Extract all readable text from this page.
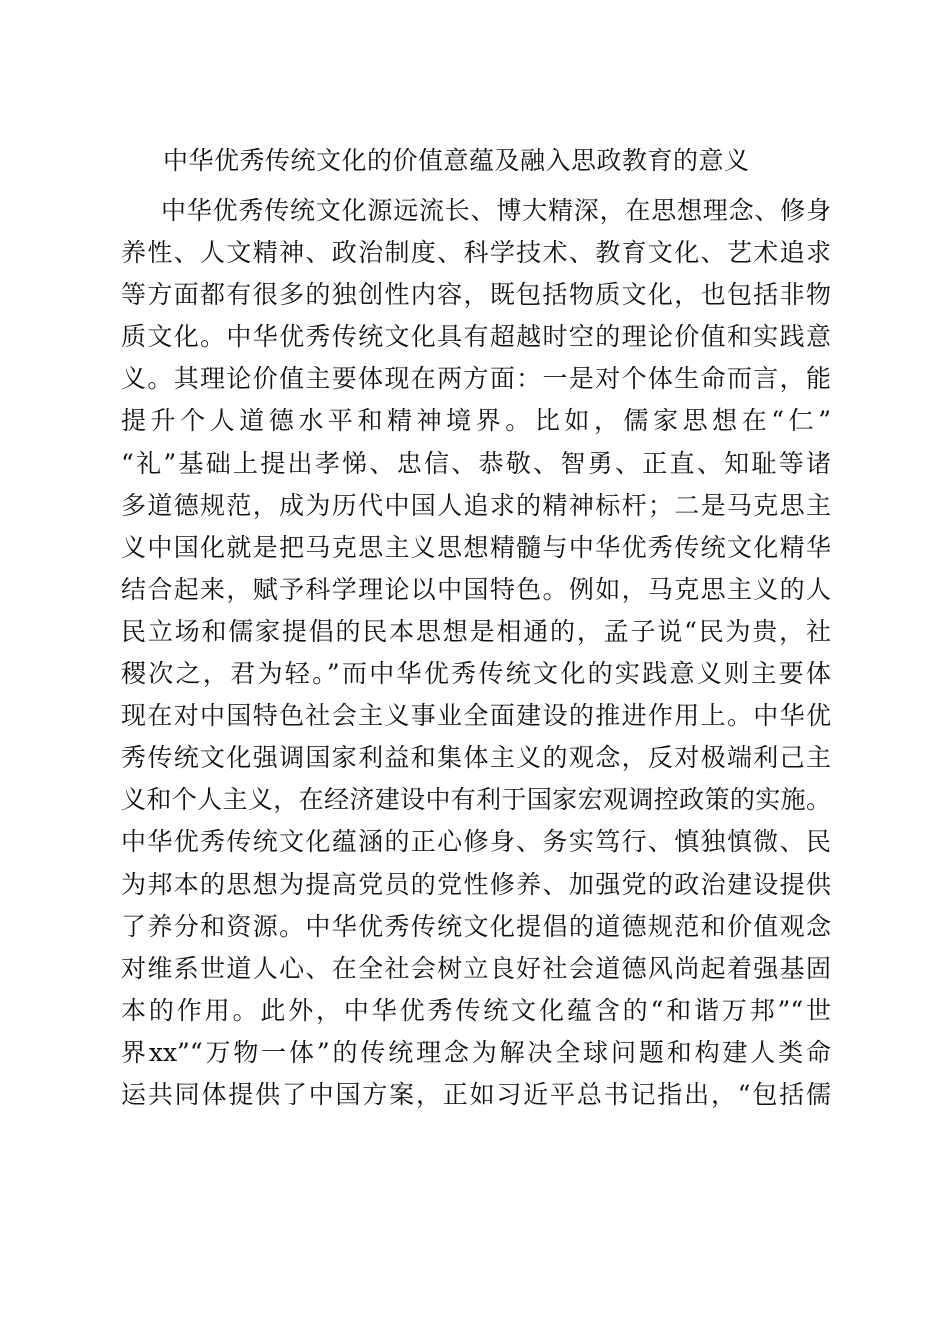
中华优秀传统文化的价值意蕴及融入思政教育的意义
中华优秀传统文化源远流长、博大精深，在思想理念、修身
养性、人文精神、政治制度、科学技术、教育文化、艺术追求
等方面都有很多的独创性内容，既包括物质文化，也包括非物
质文化。中华优秀传统文化具有超越时空的理论价值和实践意
义。其理论价值主要体现在两方面：一是对个体生命而言，能
提升个人道德水平和精神境界。比如，儒家思想在“仁”
“礼”基础上提出孝悌、忠信、恭敬、智勇、正直、知耻等诸
多道德规范，成为历代中国人追求的精神标杆；二是马克思主
义中国化就是把马克思主义思想精髓与中华优秀传统文化精华
结合起来，赋予科学理论以中国特色。例如，马克思主义的人
民立场和儒家提倡的民本思想是相通的，孟子说“民为贵，社
稷次之，君为轻。”而中华优秀传统文化的实践意义则主要体
现在对中国特色社会主义事业全面建设的推进作用上。中华优
秀传统文化强调国家利益和集体主义的观念，反对极端利己主
义和个人主义，在经济建设中有利于国家宏观调控政策的实施。
中华优秀传统文化蕴涵的正心修身、务实笃行、慎独慎微、民
为邦本的思想为提高党员的党性修养、加强党的政治建设提供
了养分和资源。中华优秀传统文化提倡的道德规范和价值观念
对维系世道人心、在全社会树立良好社会道德风尚起着强基固
本的作用。此外，中华优秀传统文化蕴含的“和谐万邦”“世
界xx”“万物一体”的传统理念为解决全球问题和构建人类命
运共同体提供了中国方案，正如习近平总书记指出，“包括儒
